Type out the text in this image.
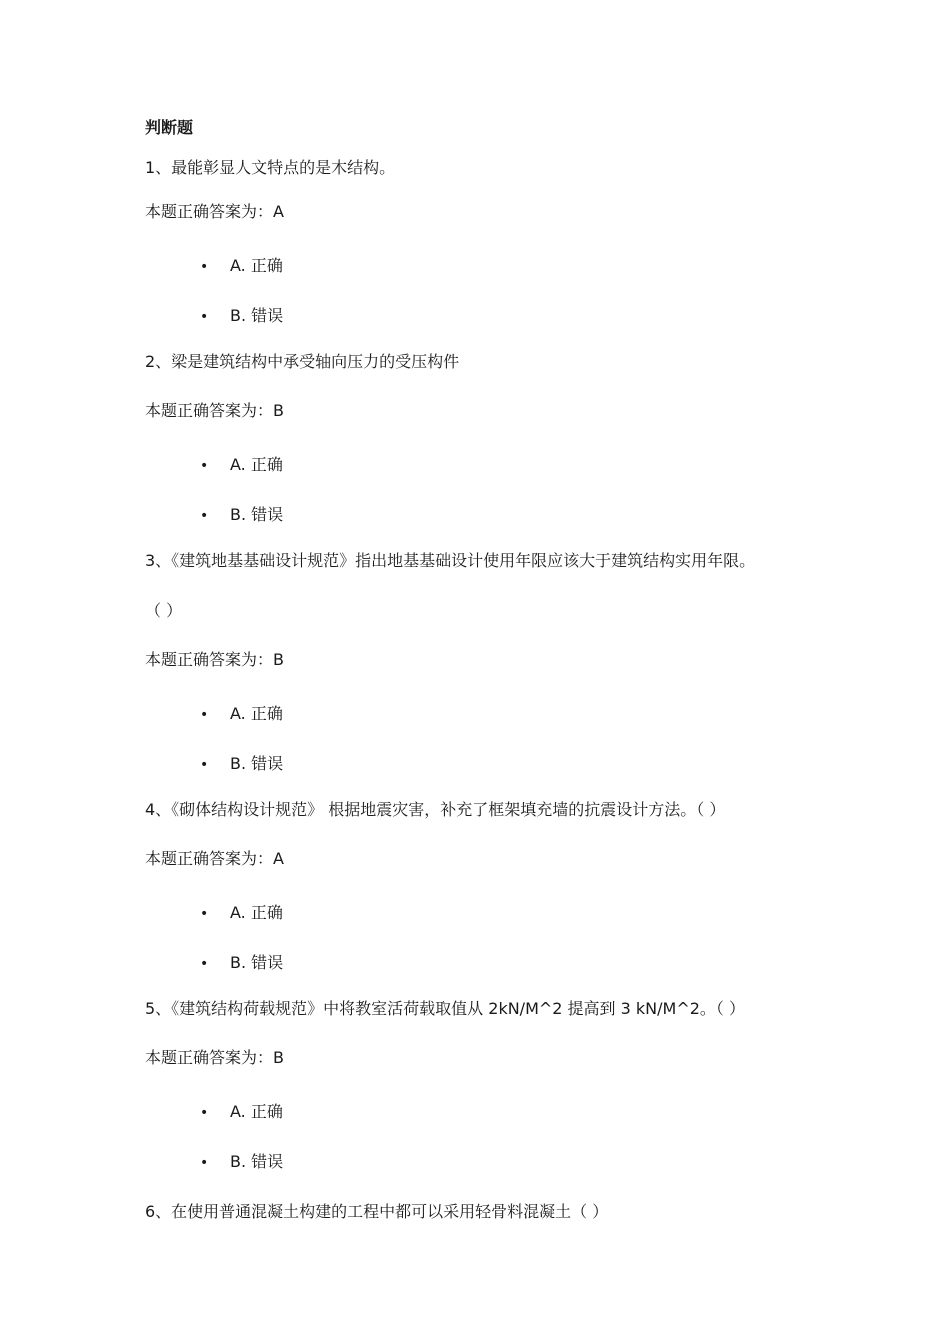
判断题
1、最能彰显人文特点的是木结构。
本题正确答案为：A
• A. 正确
• B. 错误
2、梁是建筑结构中承受轴向压力的受压构件
本题正确答案为：B
• A. 正确
• B. 错误
3、《建筑地基基础设计规范》指出地基基础设计使用年限应该大于建筑结构实用年限。
（ ）
本题正确答案为：B
• A. 正确
• B. 错误
4、《砌体结构设计规范》 根据地震灾害，补充了框架填充墙的抗震设计方法。（ ）
本题正确答案为：A
• A. 正确
• B. 错误
5、《建筑结构荷载规范》中将教室活荷载取值从 2kN/M^2 提高到 3 kN/M^2。（ ）
本题正确答案为：B
• A. 正确
• B. 错误
6、在使用普通混凝土构建的工程中都可以采用轻骨料混凝土（ ）
